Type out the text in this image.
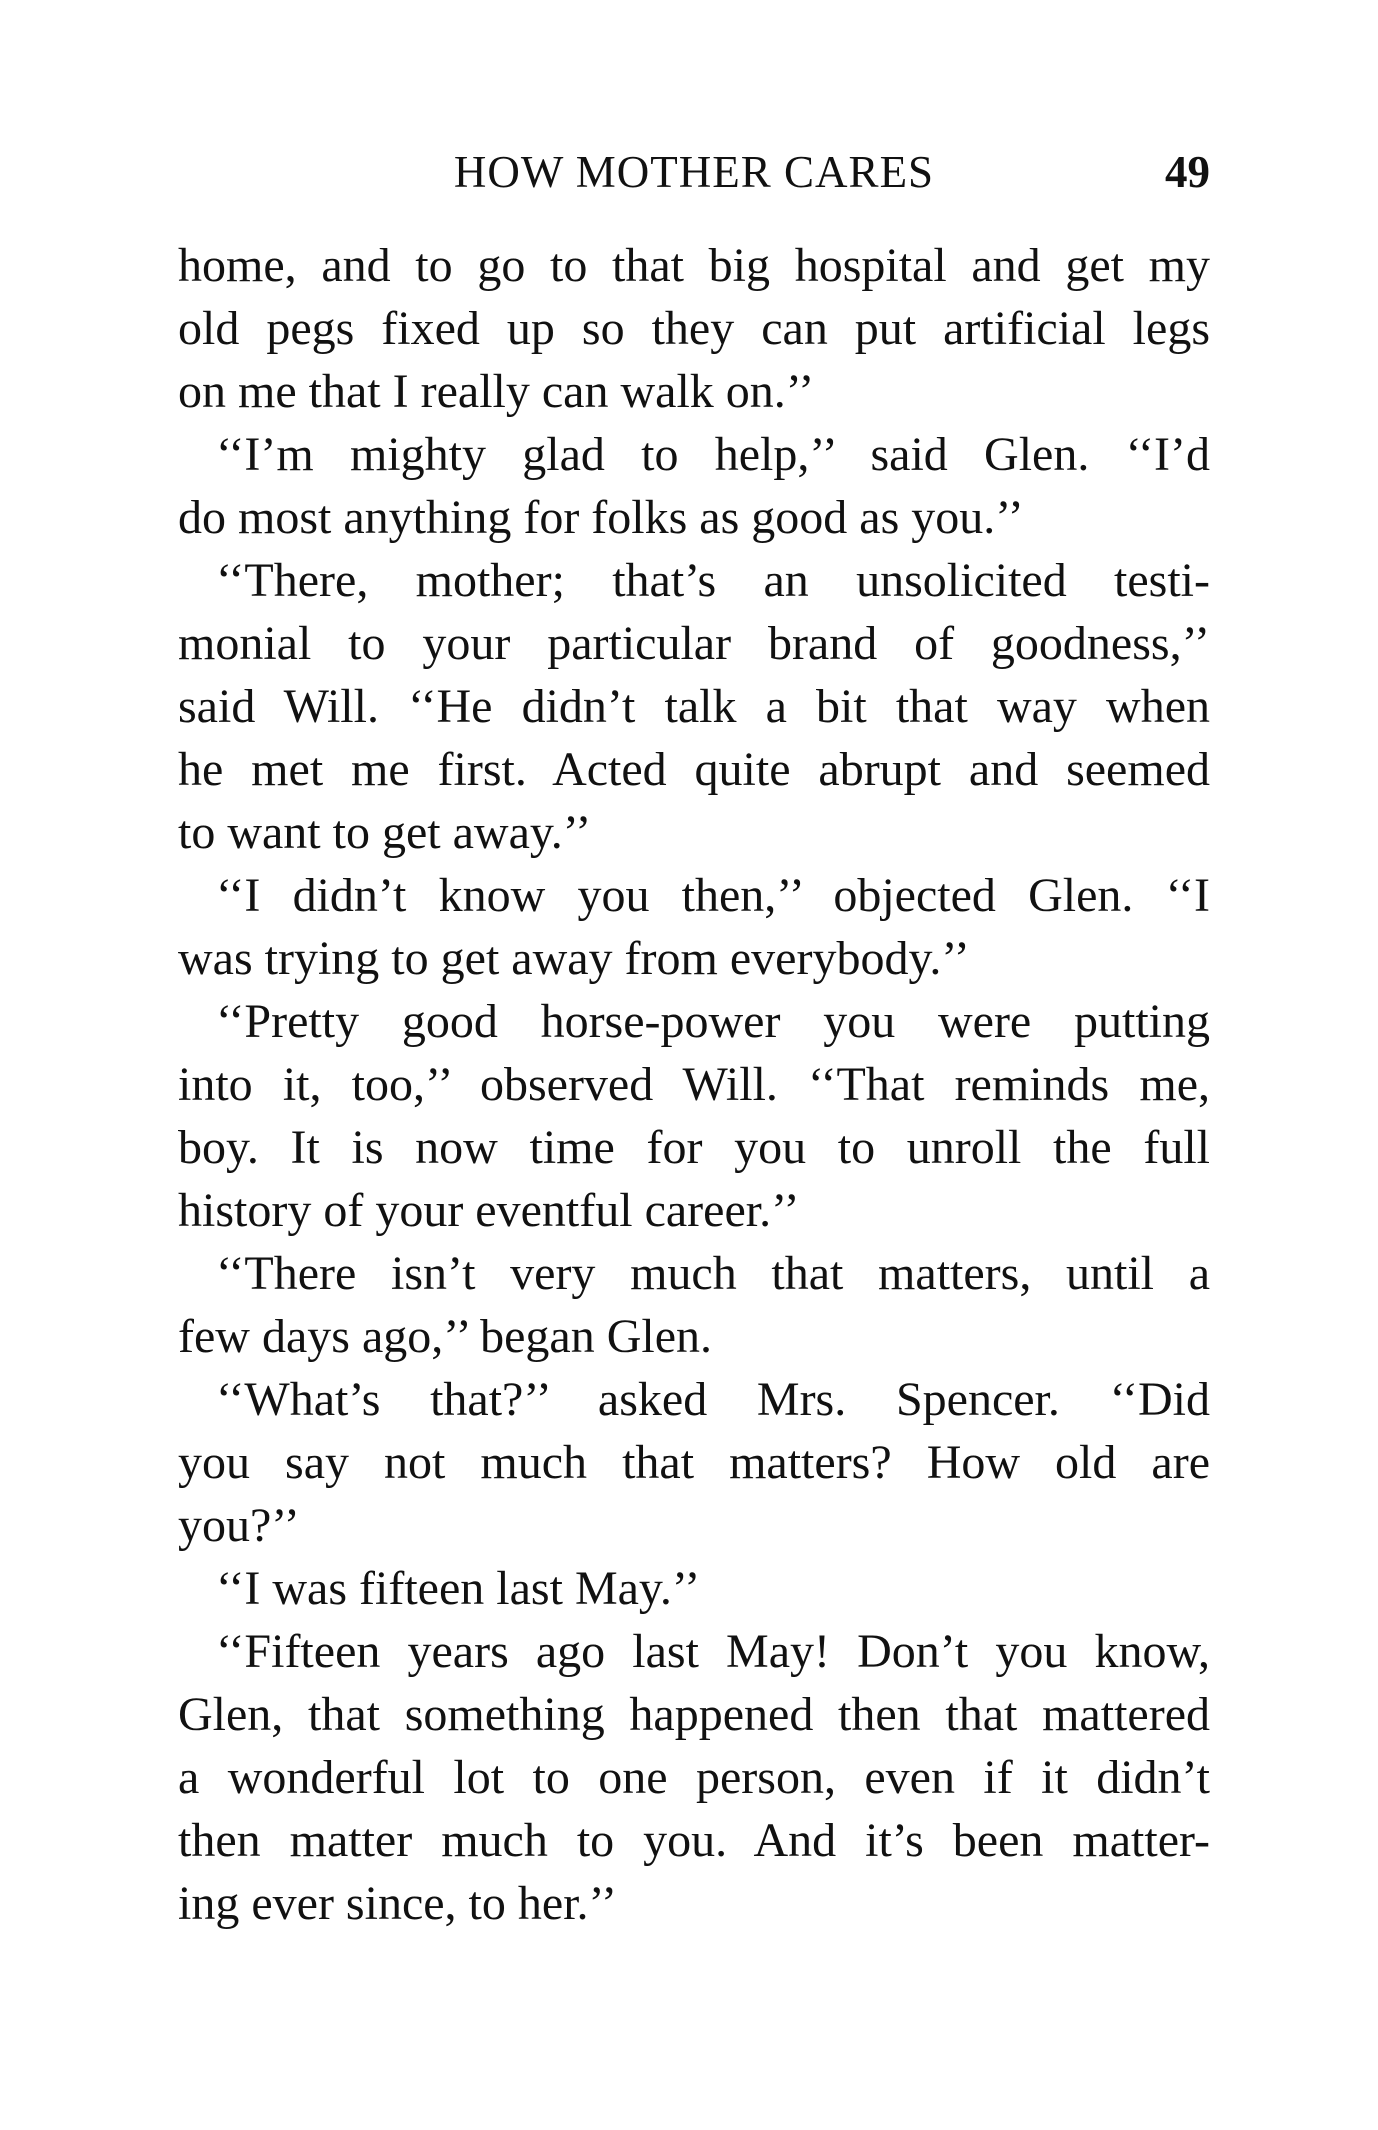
HOW MOTHER CARES	49
home, and to go to that big hospital and get my
old pegs fixed up so they can put artificial legs
on me that I really can walk on.’’
‘‘I’m mighty glad to help,’’ said Glen. ‘‘I’d
do most anything for folks as good as you.’’
‘‘There, mother; that’s an unsolicited testi-
monial to your particular brand of goodness,’’
said Will. ‘‘He didn’t talk a bit that way when
he met me first. Acted quite abrupt and seemed
to want to get away.’’
‘‘I didn’t know you then,’’ objected Glen. ‘‘I
was trying to get away from everybody.’’
‘‘Pretty good horse-power you were putting
into it, too,’’ observed Will. ‘‘That reminds me,
boy. It is now time for you to unroll the full
history of your eventful career.’’
‘‘There isn’t very much that matters, until a
few days ago,’’ began Glen.
‘‘What’s that?’’ asked Mrs. Spencer. ‘‘Did
you say not much that matters? How old are
you?’’
‘‘I was fifteen last May.’’
‘‘Fifteen years ago last May! Don’t you know,
Glen, that something happened then that mattered
a wonderful lot to one person, even if it didn’t
then matter much to you. And it’s been matter-
ing ever since, to her.’’
